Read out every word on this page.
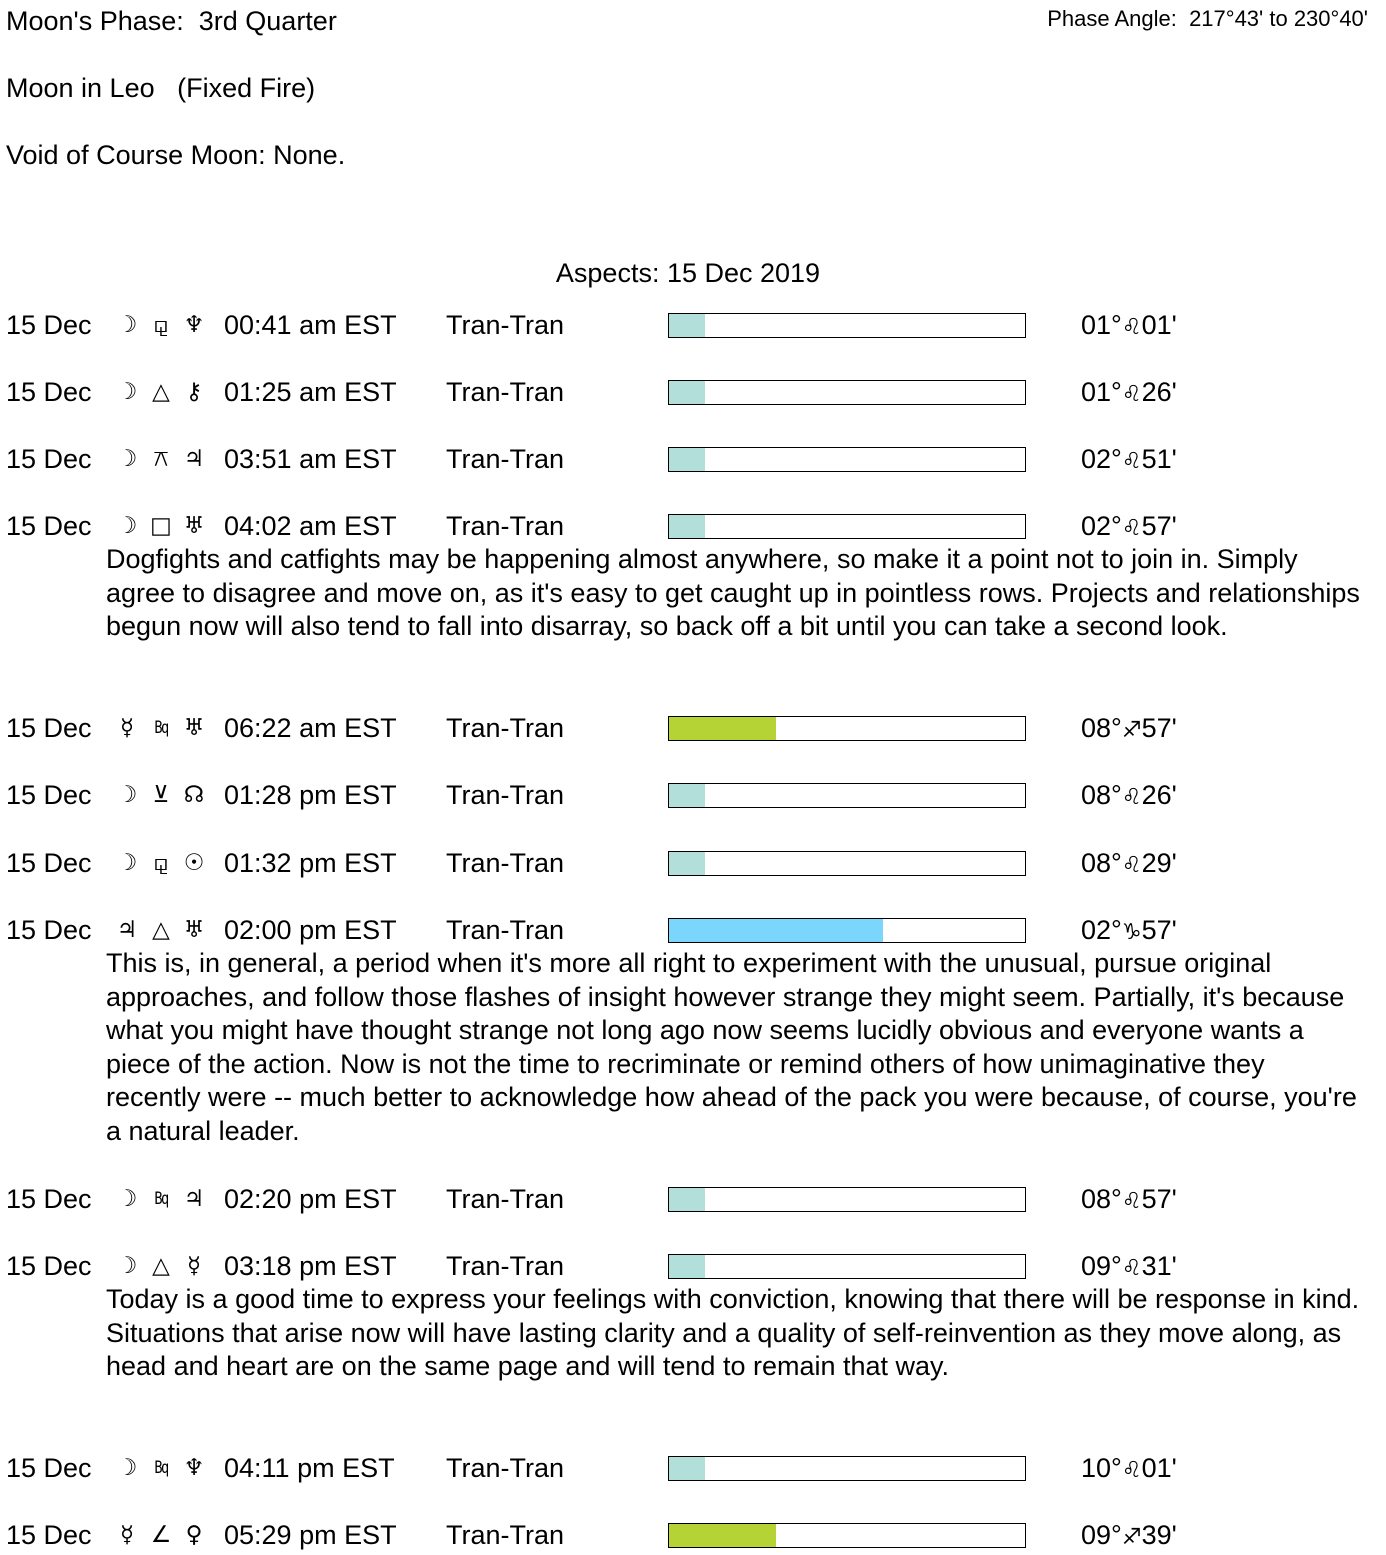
Moon's Phase:  3rd Quarter	Phase Angle:  217°43' to 230°40'
Moon in Leo   (Fixed Fire)
Void of Course Moon: None.
Aspects: 15 Dec 2019
15 Dec ☽ ⚼ ♆ 00:41 am EST Tran-Tran	01°♌01'
15 Dec ☽ △ ⚷ 01:25 am EST Tran-Tran	01°♌26'
15 Dec ☽ ⚻ ♃ 03:51 am EST Tran-Tran	02°♌51'
15 Dec ☽ □ ♅ 04:02 am EST Tran-Tran	02°♌57'
Dogfights and catfights may be happening almost anywhere, so make it a point not to join in. Simply agree to disagree and move on, as it's easy to get caught up in pointless rows. Projects and relationships begun now will also tend to fall into disarray, so back off a bit until you can take a second look.
15 Dec ☿	Bq ♅ 06:22 am EST Tran-Tran	08°♐57'
15 Dec ☽ ⊻ ☊ 01:28 pm EST Tran-Tran	08°♌26'
15 Dec ☽ ⚼ ☉ 01:32 pm EST Tran-Tran	08°♌29'
15 Dec ♃ △ ♅ 02:00 pm EST Tran-Tran	02°♑57'
This is, in general, a period when it's more all right to experiment with the unusual, pursue original approaches, and follow those flashes of insight however strange they might seem. Partially, it's because what you might have thought strange not long ago now seems lucidly obvious and everyone wants a piece of the action. Now is not the time to recriminate or remind others of how unimaginative they recently were -- much better to acknowledge how ahead of the pack you were because, of course, you're a natural leader.
15 Dec ☽	Bq ♃ 02:20 pm EST Tran-Tran	08°♌57'
15 Dec ☽ △ ☿ 03:18 pm EST Tran-Tran	09°♌31'
Today is a good time to express your feelings with conviction, knowing that there will be response in kind. Situations that arise now will have lasting clarity and a quality of self-reinvention as they move along, as head and heart are on the same page and will tend to remain that way.
15 Dec ☽	Bq ♆ 04:11 pm EST Tran-Tran	10°♌01'
15 Dec ☿ ∠ ♀ 05:29 pm EST Tran-Tran	09°♐39'
